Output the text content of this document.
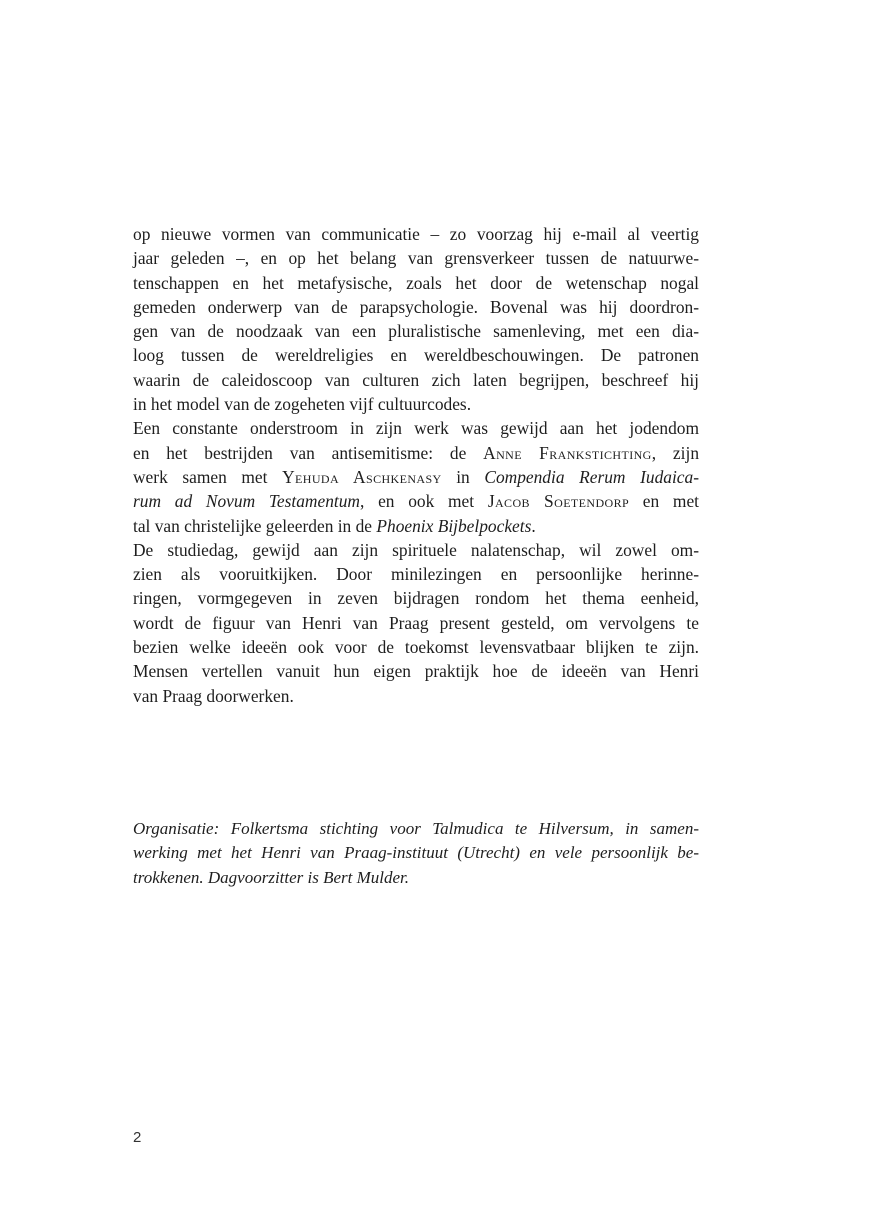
op nieuwe vormen van communicatie – zo voorzag hij e-mail al veertig
jaar geleden –, en op het belang van grensverkeer tussen de natuurwe-
tenschappen en het metafysische, zoals het door de wetenschap nogal
gemeden onderwerp van de parapsychologie. Bovenal was hij doordron-
gen van de noodzaak van een pluralistische samenleving, met een dia-
loog tussen de wereldreligies en wereldbeschouwingen. De patronen
waarin de caleidoscoop van culturen zich laten begrijpen, beschreef hij
in het model van de zogeheten vijf cultuurcodes.
Een constante onderstroom in zijn werk was gewijd aan het jodendom
en het bestrijden van antisemitisme: de Anne Frankstichting, zijn
werk samen met Yehuda Aschkenasy in Compendia Rerum Iudaica-
rum ad Novum Testamentum, en ook met Jacob Soetendorp en met
tal van christelijke geleerden in de Phoenix Bijbelpockets.
De studiedag, gewijd aan zijn spirituele nalatenschap, wil zowel om-
zien als vooruitkijken. Door minilezingen en persoonlijke herinne-
ringen, vormgegeven in zeven bijdragen rondom het thema eenheid,
wordt de figuur van Henri van Praag present gesteld, om vervolgens te
bezien welke ideeën ook voor de toekomst levensvatbaar blijken te zijn.
Mensen vertellen vanuit hun eigen praktijk hoe de ideeën van Henri
van Praag doorwerken.
Organisatie: Folkertsma stichting voor Talmudica te Hilversum, in samen-
werking met het Henri van Praag-instituut (Utrecht) en vele persoonlijk be-
trokkenen. Dagvoorzitter is Bert Mulder.
2
